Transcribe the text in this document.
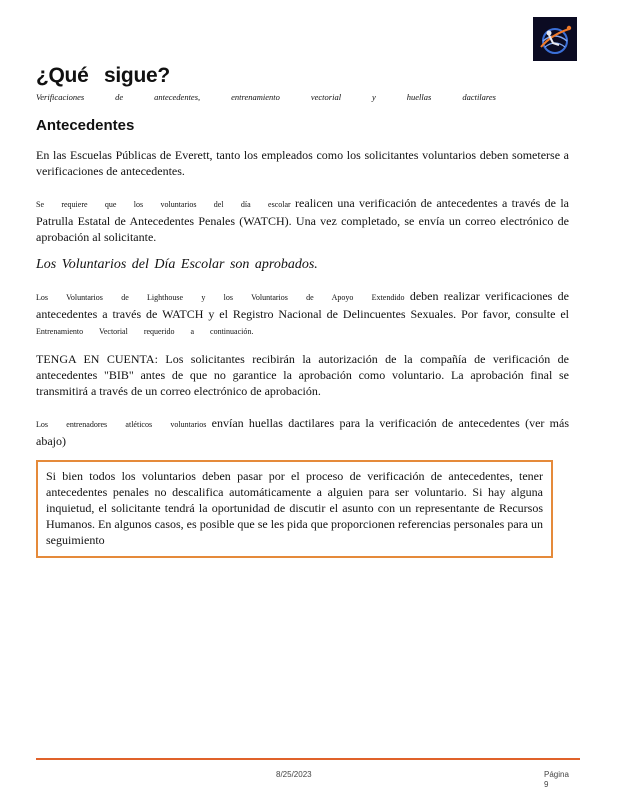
¿Qué sigue?
Verificaciones de antecedentes, entrenamiento vectorial y huellas dactilares
Antecedentes

En las Escuelas Públicas de Everett, tanto los empleados como los solicitantes voluntarios deben someterse a verificaciones de antecedentes.

Se requiere que los voluntarios del día escolar realicen una verificación de antecedentes a través de la Patrulla Estatal de Antecedentes Penales (WATCH). Una vez completado, se envía un correo electrónico de aprobación al solicitante.

Los Voluntarios del Día Escolar son aprobados.

Los Voluntarios de Lighthouse y los Voluntarios de Apoyo Extendido deben realizar verificaciones de antecedentes a través de WATCH y el Registro Nacional de Delincuentes Sexuales. Por favor, consulte el Entrenamiento Vectorial requerido a continuación.

TENGA EN CUENTA: Los solicitantes recibirán la autorización de la compañía de verificación de antecedentes "BIB" antes de que no garantice la aprobación como voluntario. La aprobación final se transmitirá a través de un correo electrónico de aprobación.

Los entrenadores atléticos voluntarios envían huellas dactilares para la verificación de antecedentes (ver más abajo)

Si bien todos los voluntarios deben pasar por el proceso de verificación de antecedentes, tener antecedentes penales no descalifica automáticamente a alguien para ser voluntario. Si hay alguna inquietud, el solicitante tendrá la oportunidad de discutir el asunto con un representante de Recursos Humanos. En algunos casos, es posible que se les pida que proporcionen referencias personales para un seguimiento
8/25/2023	Página
9
